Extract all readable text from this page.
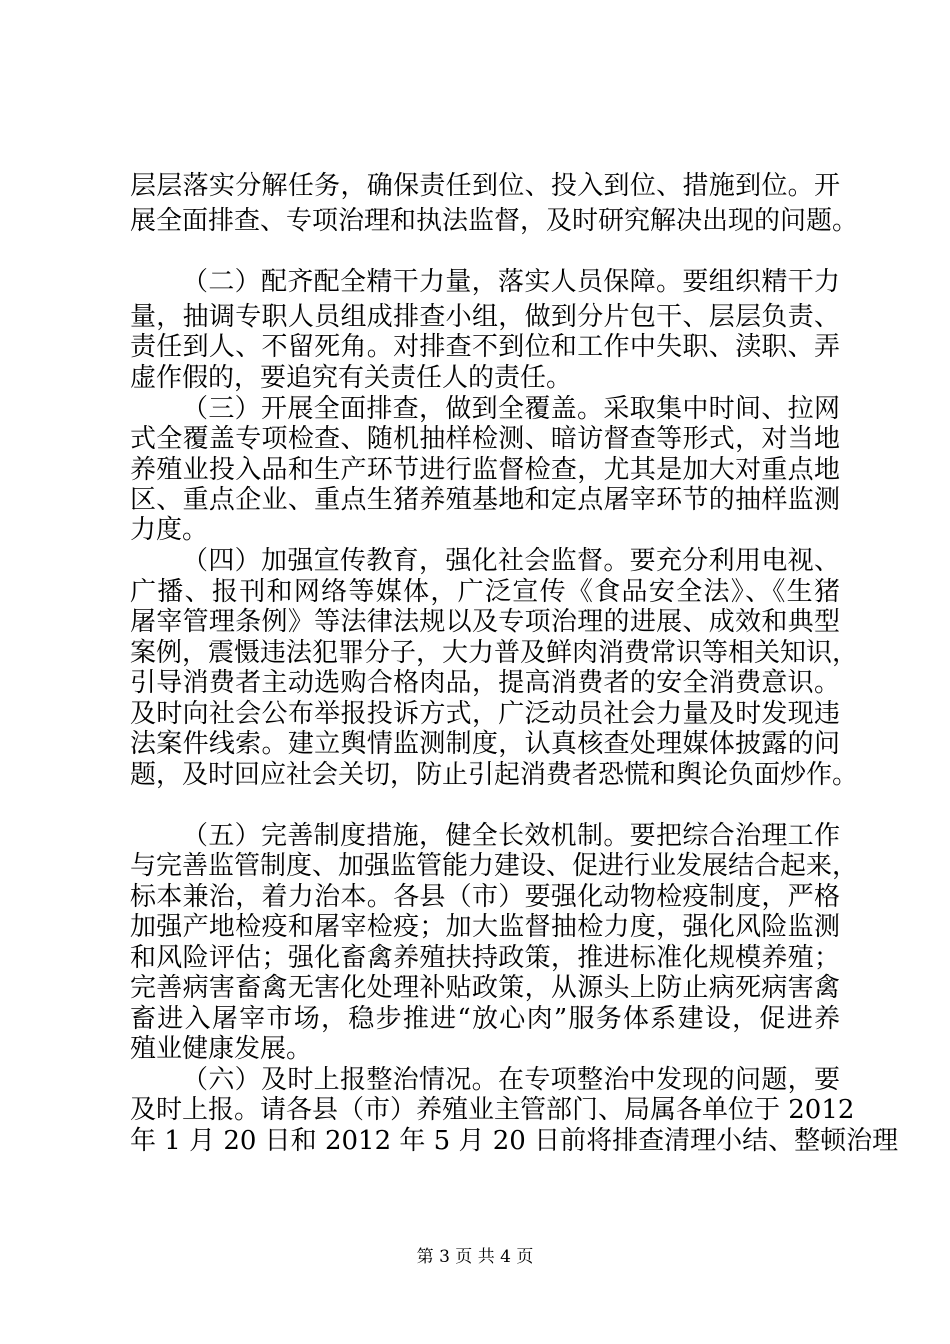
层层落实分解任务，确保责任到位、投入到位、措施到位。开
展全面排查、专项治理和执法监督，及时研究解决出现的问题。
（二）配齐配全精干力量，落实人员保障。要组织精干力
量，抽调专职人员组成排查小组，做到分片包干、层层负责、
责任到人、不留死角。对排查不到位和工作中失职、渎职、弄
虚作假的，要追究有关责任人的责任。
（三）开展全面排查，做到全覆盖。采取集中时间、拉网
式全覆盖专项检查、随机抽样检测、暗访督查等形式，对当地
养殖业投入品和生产环节进行监督检查，尤其是加大对重点地
区、重点企业、重点生猪养殖基地和定点屠宰环节的抽样监测
力度。
（四）加强宣传教育，强化社会监督。要充分利用电视、
广播、报刊和网络等媒体，广泛宣传《食品安全法》、《生猪
屠宰管理条例》等法律法规以及专项治理的进展、成效和典型
案例，震慑违法犯罪分子，大力普及鲜肉消费常识等相关知识，
引导消费者主动选购合格肉品，提高消费者的安全消费意识。
及时向社会公布举报投诉方式，广泛动员社会力量及时发现违
法案件线索。建立舆情监测制度，认真核查处理媒体披露的问
题，及时回应社会关切，防止引起消费者恐慌和舆论负面炒作。
（五）完善制度措施，健全长效机制。要把综合治理工作
与完善监管制度、加强监管能力建设、促进行业发展结合起来，
标本兼治，着力治本。各县（市）要强化动物检疫制度，严格
加强产地检疫和屠宰检疫；加大监督抽检力度，强化风险监测
和风险评估；强化畜禽养殖扶持政策，推进标准化规模养殖；
完善病害畜禽无害化处理补贴政策，从源头上防止病死病害禽
畜进入屠宰市场，稳步推进“放心肉”服务体系建设，促进养
殖业健康发展。
（六）及时上报整治情况。在专项整治中发现的问题，要
及时上报。请各县（市）养殖业主管部门、局属各单位于 2012
年 1 月 20 日和 2012 年 5 月 20 日前将排查清理小结、整顿治理
第 3 页 共 4 页
